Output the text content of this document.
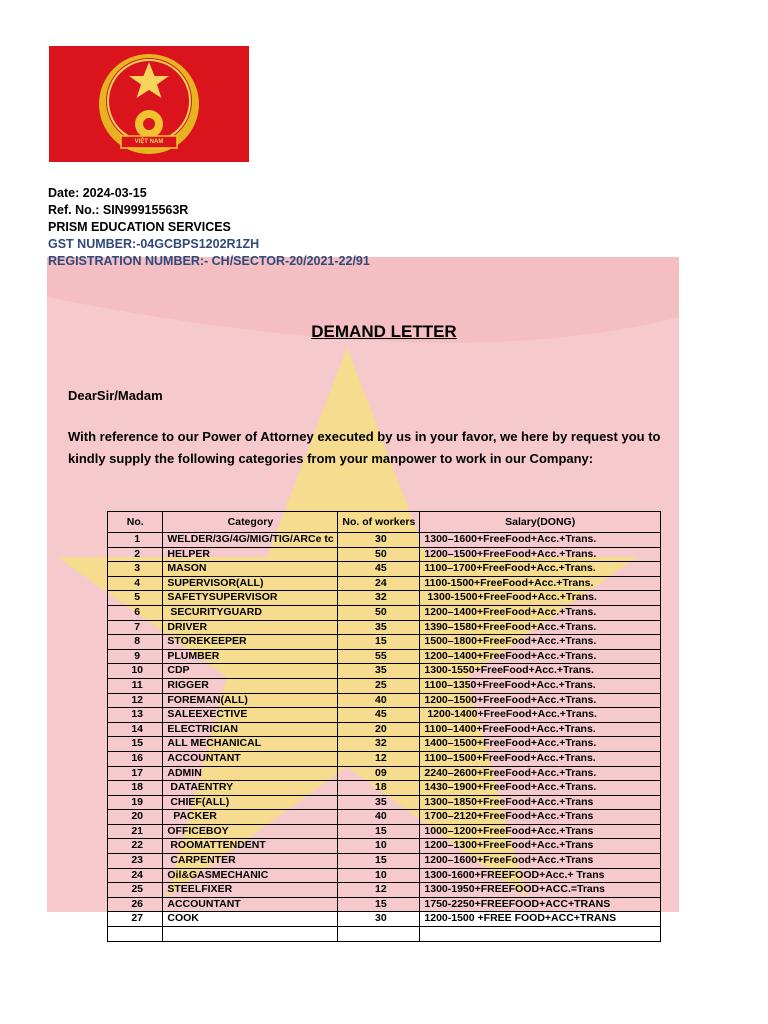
VIỆT NAM
Date: 2024-03-15
Ref. No.: SIN99915563R
PRISM EDUCATION SERVICES
GST NUMBER:-04GCBPS1202R1ZH
REGISTRATION NUMBER:- CH/SECTOR-20/2021-22/91
DEMAND LETTER
DearSir/Madam
With reference to our Power of Attorney executed by us in your favor, we here by request you to kindly supply the following categories from your manpower to work in our Company:
No.	Category	No. of workers	Salary(DONG)
1	WELDER/3G/4G/MIG/TIG/ARCe tc	30	1300–1600+FreeFood+Acc.+Trans.
2	HELPER	50	1200–1500+FreeFood+Acc.+Trans.
3	MASON	45	1100–1700+FreeFood+Acc.+Trans.
4	SUPERVISOR(ALL)	24	1100-1500+FreeFood+Acc.+Trans.
5	SAFETYSUPERVISOR	32	1300-1500+FreeFood+Acc.+Trans.
6	SECURITYGUARD	50	1200–1400+FreeFood+Acc.+Trans.
7	DRIVER	35	1390–1580+FreeFood+Acc.+Trans.
8	STOREKEEPER	15	1500–1800+FreeFood+Acc.+Trans.
9	PLUMBER	55	1200–1400+FreeFood+Acc.+Trans.
10	CDP	35	1300-1550+FreeFood+Acc.+Trans.
11	RIGGER	25	1100–1350+FreeFood+Acc.+Trans.
12	FOREMAN(ALL)	40	1200–1500+FreeFood+Acc.+Trans.
13	SALEEXECTIVE	45	1200-1400+FreeFood+Acc.+Trans.
14	ELECTRICIAN	20	1100–1400+FreeFood+Acc.+Trans.
15	ALL MECHANICAL	32	1400–1500+FreeFood+Acc.+Trans.
16	ACCOUNTANT	12	1100–1500+FreeFood+Acc.+Trans.
17	ADMIN	09	2240–2600+FreeFood+Acc.+Trans.
18	DATAENTRY	18	1430–1900+FreeFood+Acc.+Trans.
19	CHIEF(ALL)	35	1300–1850+FreeFood+Acc.+Trans
20	PACKER	40	1700–2120+FreeFood+Acc.+Trans
21	OFFICEBOY	15	1000–1200+FreeFood+Acc.+Trans
22	ROOMATTENDENT	10	1200–1300+FreeFood+Acc.+Trans
23	CARPENTER	15	1200–1600+FreeFood+Acc.+Trans
24	Oil&GASMECHANIC	10	1300-1600+FREEFOOD+Acc.+ Trans
25	STEELFIXER	12	1300-1950+FREEFOOD+ACC.=Trans
26	ACCOUNTANT	15	1750-2250+FREEFOOD+ACC+TRANS
27	COOK	30	1200-1500 +FREE FOOD+ACC+TRANS
